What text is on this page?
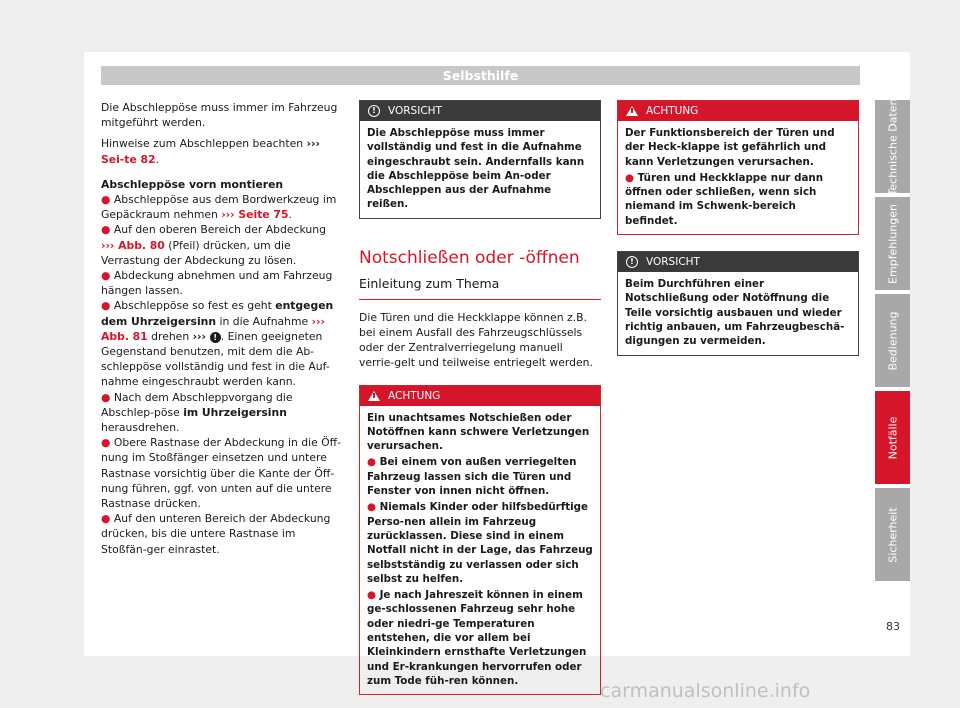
Selbsthilfe

Die Abschleppöse muss immer im Fahrzeug mitgeführt werden.

Hinweise zum Abschleppen beachten ››› Sei-te 82.

Abschleppöse vorn montieren

● Abschleppöse aus dem Bordwerkzeug im Gepäckraum nehmen ››› Seite 75.

● Auf den oberen Bereich der Abdeckung ››› Abb. 80 (Pfeil) drücken, um die Verrastung der Abdeckung zu lösen.

● Abdeckung abnehmen und am Fahrzeug hängen lassen.

● Abschleppöse so fest es geht entgegen dem Uhrzeigersinn in die Aufnahme ››› Abb. 81 drehen ››› ! . Einen geeigneten Gegenstand benutzen, mit dem die Ab-schleppöse vollständig und fest in die Auf-nahme eingeschraubt werden kann.

● Nach dem Abschleppvorgang die Abschlep-pöse im Uhrzeigersinn herausdrehen.

● Obere Rastnase der Abdeckung in die Öff-nung im Stoßfänger einsetzen und untere Rastnase vorsichtig über die Kante der Öff-nung führen, ggf. von unten auf die untere Rastnase drücken.

● Auf den unteren Bereich der Abdeckung drücken, bis die untere Rastnase im Stoßfän-ger einrastet.

!	VORSICHT

Die Abschleppöse muss immer vollständig und fest in die Aufnahme eingeschraubt sein. Andernfalls kann die Abschleppöse beim An-oder Abschleppen aus der Aufnahme reißen.

Notschließen oder -öffnen
Einleitung zum Thema

Die Türen und die Heckklappe können z.B. bei einem Ausfall des Fahrzeugschlüssels oder der Zentralverriegelung manuell verrie-gelt und teilweise entriegelt werden.

ACHTUNG

Ein unachtsames Notschießen oder Notöffnen kann schwere Verletzungen verursachen.

● Bei einem von außen verriegelten Fahrzeug lassen sich die Türen und Fenster von innen nicht öffnen.

● Niemals Kinder oder hilfsbedürftige Perso-nen allein im Fahrzeug zurücklassen. Diese sind in einem Notfall nicht in der Lage, das Fahrzeug selbstständig zu verlassen oder sich selbst zu helfen.

● Je nach Jahreszeit können in einem ge-schlossenen Fahrzeug sehr hohe oder niedri-ge Temperaturen entstehen, die vor allem bei Kleinkindern ernsthafte Verletzungen und Er-krankungen hervorrufen oder zum Tode füh-ren können.

ACHTUNG

Der Funktionsbereich der Türen und der Heck-klappe ist gefährlich und kann Verletzungen verursachen.

● Türen und Heckklappe nur dann öffnen oder schließen, wenn sich niemand im Schwenk-bereich befindet.

!	VORSICHT

Beim Durchführen einer Notschließung oder Notöffnung die Teile vorsichtig ausbauen und wieder richtig anbauen, um Fahrzeugbeschä-digungen zu vermeiden.

Technische Daten
Empfehlungen
Bedienung
Notfälle
Sicherheit
83
carmanualsonline.info
